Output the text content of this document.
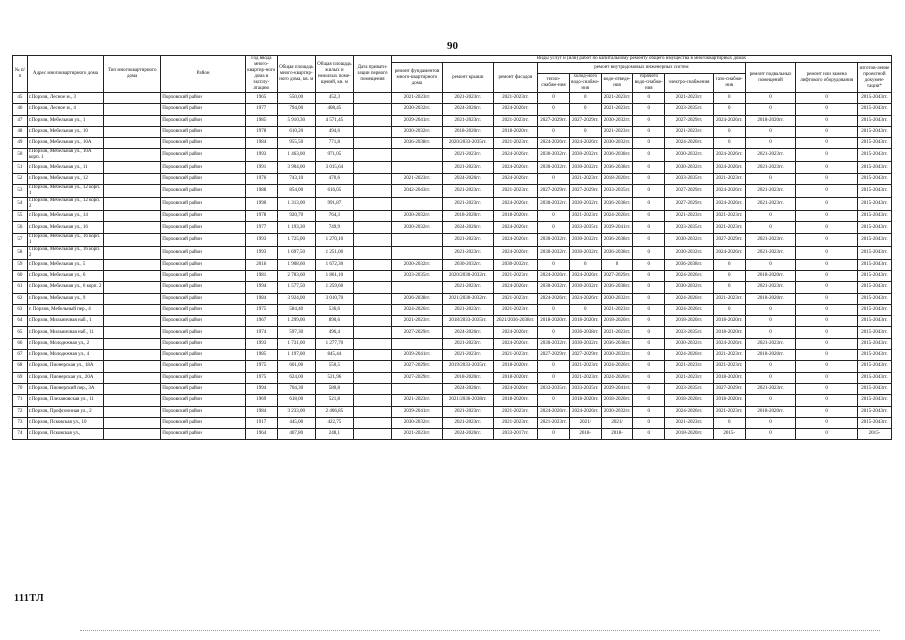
90
№ п/п	Адрес многоквартирного дома	Тип многоквартирного дома	Район	Год ввода много-квартир-ного дома в эксплу-атацию	Общая площадь много-квартир-ного дома, кв. м	Общая площадь жилых и нежилых поме-щений, кв. м	Дата привати-зации первого помещения	Виды услуг и (или) работ по капитальному ремонту общего имущества в многоквартирных домах											
								ремонт фундаментов много-квартирного дома	ремонт крыши	ремонт фасадов	ремонт внутридомовых инженерных систем						ремонт подвальных помещений	ремонт или замена лифтового оборудования	изготов-ление проектной докумен-тации*
											тепло-снабже-ния	холод-ного водо-снабже-ния	водо-отведе-ния	горячего водо-снабже-ния	электро-снабжения	газо-снабже-ния			
45	г.Порхов, Лесное м., 3		Порховский район	1965	550,00	452,3		2021-2023гг.	2021-2023гг.	2021-2023гг.	0	0	2021-2023гг.	0	2021-2023гг.	0	0	0	2015-2043гг.
46	г.Порхов, Лесное м., 4		Порховский район	1977	794,00	408,45		2030-2032гг.	2024-2026гг.	2024-2026гг.	0	0	2021-2023гг.	0	2033-2035гг.	0	0	0	2015-2043гг.
47	г.Порхов, Мебельная ул., 1		Порховский район	1985	5 910,30	4 571,45		2039-2041гг.	2021-2023гг.	2021-2023гг.	2027-2029гг.	2027-2029гг.	2030-2032гг.	0	2027-2029гг.	2024-2026гг.	2018-2020гг.	0	2015-2043гг.
48	г.Порхов, Мебельная ул., 10		Порховский район	1978	610,20	494,6		2030-2032гг.	2018-2020гг.	2018-2020гг.	0	0	2021-2023гг.	0	2021-2023гг.	0	0	0	2015-2043гг.
49	г.Порхов, Мебельная ул., 10А		Порховский район	1984	955,50	771,8		2036-2038гг.	2020/2033-2035гг.	2021-2023гг.	2024-2026гг.	2024-2026гг.	2030-2032гг.	0	2024-2026гг.	0	0	0	2015-2043гг.
50	г.Порхов, Мебельная ул., 10А корп. 1		Порховский район	1993	1 463,00	971,05			2021-2023гг.	2024-2026гг.	2030-2032гг.	2030-2032гг.	2036-2038гг.	0	2030-2032гг.	2024-2026гг.	2021-2023гг.	0	2015-2043гг.
51	г.Порхов, Мебельная ул., 11		Порховский район	1991	3 904,00	3 015,64			2021-2023гг.	2024-2026гг.	2030-2032гг.	2030-2032гг.	2036-2038гг.	0	2030-2032гг.	2024-2026гг.	2021-2023гг.	0	2015-2043гг.
52	г.Порхов, Мебельная ул., 12		Порховский район	1976	743,10	470,6		2021-2023гг.	2024-2026гг.	2024-2026гг.	0	2021-2023гг.	2018-2020гг.	0	2033-2035гг.	2021-2023гг.	0	0	2015-2043гг.
53	г.Порхов, Мебельная ул., 12 корп. 1		Порховский район	1988	854,00	616,05		2042-2043гг.	2021-2023гг.	2021-2023гг.	2027-2029гг.	2027-2029гг.	2033-2035гг.	0	2027-2029гг.	2024-2026гг.	2021-2023гг.	0	2015-2043гг.
54	г.Порхов, Мебельная ул., 12 корп. 2		Порховский район	1990	1 313,00	991,87			2021-2023гг.	2024-2026гг.	2030-2032гг.	2030-2032гг.	2036-2038гг.	0	2027-2029гг.	2024-2026гг.	2021-2023гг.	0	2015-2043гг.
55	г.Порхов, Мебельная ул., 14		Порховский район	1978	920,70	764,3		2030-2032гг.	2018-2020гг.	2018-2020гг.	0	2021-2023гг.	2024-2026гг.	0	2021-2023гг.	2021-2023гг.	0	0	2015-2043гг.
56	г.Порхов, Мебельная ул., 16		Порховский район	1977	1 193,30	749,9		2030-2032гг.	2024-2026гг.	2024-2026гг.	0	2033-2035гг.	2039-2041гг.	0	2033-2035гг.	2021-2023гг.	0	0	2015-2043гг.
57	г.Порхов, Мебельная ул., 16 корп. 1		Порховский район	1993	1 725,00	1 270,10			2021-2023гг.	2024-2026гг.	2030-2032гг.	2030-2032гг.	2036-2038гг.	0	2030-2032гг.	2027-2029гг.	2021-2023гг.	0	2015-2043гг.
58	г.Порхов, Мебельная ул., 16 корп. 2		Порховский район	1993	1 697,50	1 251,00			2021-2023гг.	2024-2026гг.	2030-2032гг.	2030-2032гг.	2036-2038гг.	0	2030-2032гг.	2024-2026гг.	2021-2023гг.	0	2015-2043гг.
59	г.Порхов, Мебельная ул., 5		Порховский район	2016	1 908,60	1 672,30		2030-2032гг.	2030-2032гг.	2030-2032гг.	0	0	0	0	2036-2038гг.	0	0	0	2015-2043гг.
60	г.Порхов, Мебельная ул., 6		Порховский район	1981	2 783,60	1 861,10		2033-2035гг.	2020/2030-2032гг.	2021-2023гг.	2024-2026гг.	2024-2026гг.	2027-2029гг.	0	2024-2026гг.	0	2018-2020гг.	0	2015-2043гг.
61	г.Порхов, Мебельная ул., 6 корп. 2		Порховский район	1994	1 577,50	1 259,60			2021-2023гг.	2024-2026гг.	2030-2032гг.	2030-2032гг.	2036-2038гг.	0	2030-2032гг.	0	2021-2023гг.	0	2015-2043гг.
62	г.Порхов, Мебельная ул., 9		Порховский район	1984	3 924,00	3 010,70		2036-2038гг.	2021/2030-2032гг.	2021-2023гг.	2024-2026гг.	2024-2026гг.	2030-2032гг.	0	2024-2026гг.	2021-2023гг.	2018-2020гг.	0	2015-2043гг.
63	г. Порхов, Мебельный пер., 4		Порховский район	1975	584,40	536,6		2024-2026гг.	2021-2023гг.	2021-2023гг.	0	0	2021-2023гг.	0	2024-2026гг.	0	0	0	2015-2043гг.
64	г.Порхов, Мильничная наб., 1		Порховский район	1967	1 299,00	890,6		2021-2023гг.	2018/2033-2035гг.	2021/2036-2038гг.	2018-2020гг.	2018-2020гг.	2018-2020гг.	0	2018-2020гг.	2018-2020гг.	0	0	2015-2043гг.
65	г.Порхов, Мильничная наб., 11		Порховский район	1974	597,30	496,4		2027-2029гг.	2024-2026гг.	2024-2026гг.	0	2036-2038гг.	2021-2023гг.	0	2033-2035гг.	2018-2020гг.	0	0	2015-2043гг.
66	г.Порхов, Молодежная ул., 2		Порховский район	1993	1 731,00	1 277,70			2021-2023гг.	2024-2026гг.	2030-2032гг.	2030-2032гг.	2036-2038гг.	0	2030-2032гг.	2024-2026гг.	2021-2023гг.	0	2015-2043гг.
67	г.Порхов, Молодежная ул., 4		Порховский район	1985	1 197,00	845,44		2039-2041гг.	2021-2023гг.	2021-2023гг.	2027-2029гг.	2027-2029гг.	2030-2032гг.	0	2024-2026гг.	2021-2023гг.	2018-2020гг.	0	2015-2043гг.
68	г.Порхов, Пионерская ул., 18А		Порховский район	1975	661,00	550,5		2027-2029гг.	2019/2033-2035гг.	2018-2020гг.	0	2021-2023гг.	2024-2026гг.	0	2021-2023гг.	2021-2023гг.	0	0	2015-2043гг.
69	г.Порхов, Пионерская ул., 20А		Порховский район	1975	624,00	521,96		2027-2029гг.	2018-2020гг.	2018-2020гг.	0	2021-2023гг.	2024-2026гг.	0	2021-2023гг.	2018-2020гг.	0	0	2015-2043гг.
70	г.Порхов, Пионерский пер., 3А		Порховский район	1994	704,30	580,8			2024-2026гг.	2024-2026гг.	2033-2035гг.	2033-2035гг.	2039-2041гг.	0	2033-2035гг.	2027-2029гг.	2021-2023гг.	0	2015-2043гг.
71	г.Порхов, Плехановская ул., 11		Порховский район	1969	618,00	521,8		2021-2023гг.	2021/2036-2038гг.	2018-2020гг.	0	2018-2020гг.	2018-2020гг.	0	2018-2020гг.	2018-2020гг.	0	0	2015-2043гг.
72	г.Порхов, Профсоюзная ул., 2		Порховский район	1984	3 233,00	2 406,85		2039-2041гг.	2021-2023гг.	2021-2023гг.	2024-2026гг.	2024-2026гг.	2030-2032гг.	0	2024-2026гг.	2021-2023гг.	2018-2020гг.	0	2015-2043гг.
73	г.Порхов, Псковская ул., 10		Порховский район	1917	445,00	422,75		2030-2032гг.	2021-2023гг.	2021-2023гг.	2021-2023гг.	2021/	2021/	0	2021-2023гг.	0	0	0	2015-2043гг.
74	г.Порхов, Псковская ул.,		Порховский район	1964	407,80	248,1		2021-2023гг.	2024-2026гг.	2033-2017гг.	0	2018-	2018-	0	2018-2020гг.	2015-	0	0	2015-
111ТЛ
